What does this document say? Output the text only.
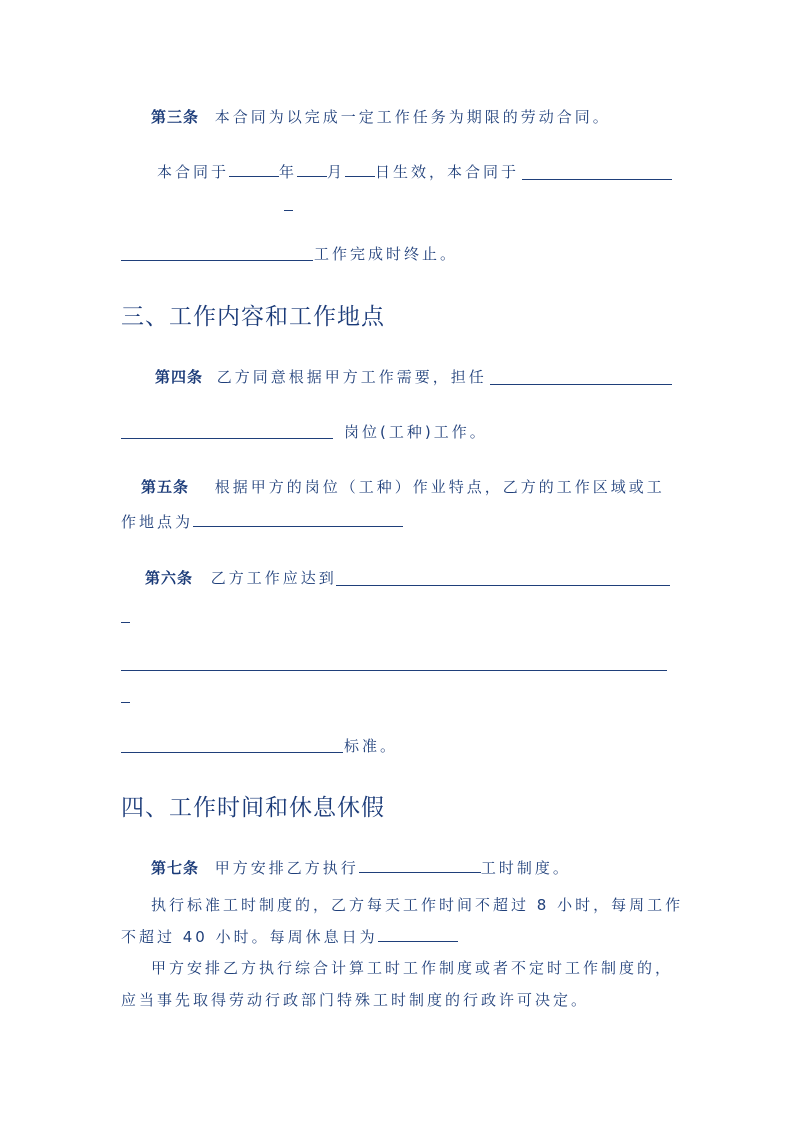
第三条 本合同为以完成一定工作任务为期限的劳动合同。
本合同于	年 月 日生效，本合同于
工作完成时终止。
三、工作内容和工作地点
第四条 乙方同意根据甲方工作需要，担任
岗位(工种)工作。
第五条 根据甲方的岗位（工种）作业特点，乙方的工作区域或工
作地点为
第六条 乙方工作应达到
标准。
四、工作时间和休息休假
第七条 甲方安排乙方执行	工时制度。
执行标准工时制度的，乙方每天工作时间不超过 8 小时，每周工作
不超过 40 小时。每周休息日为
甲方安排乙方执行综合计算工时工作制度或者不定时工作制度的，
应当事先取得劳动行政部门特殊工时制度的行政许可决定。
